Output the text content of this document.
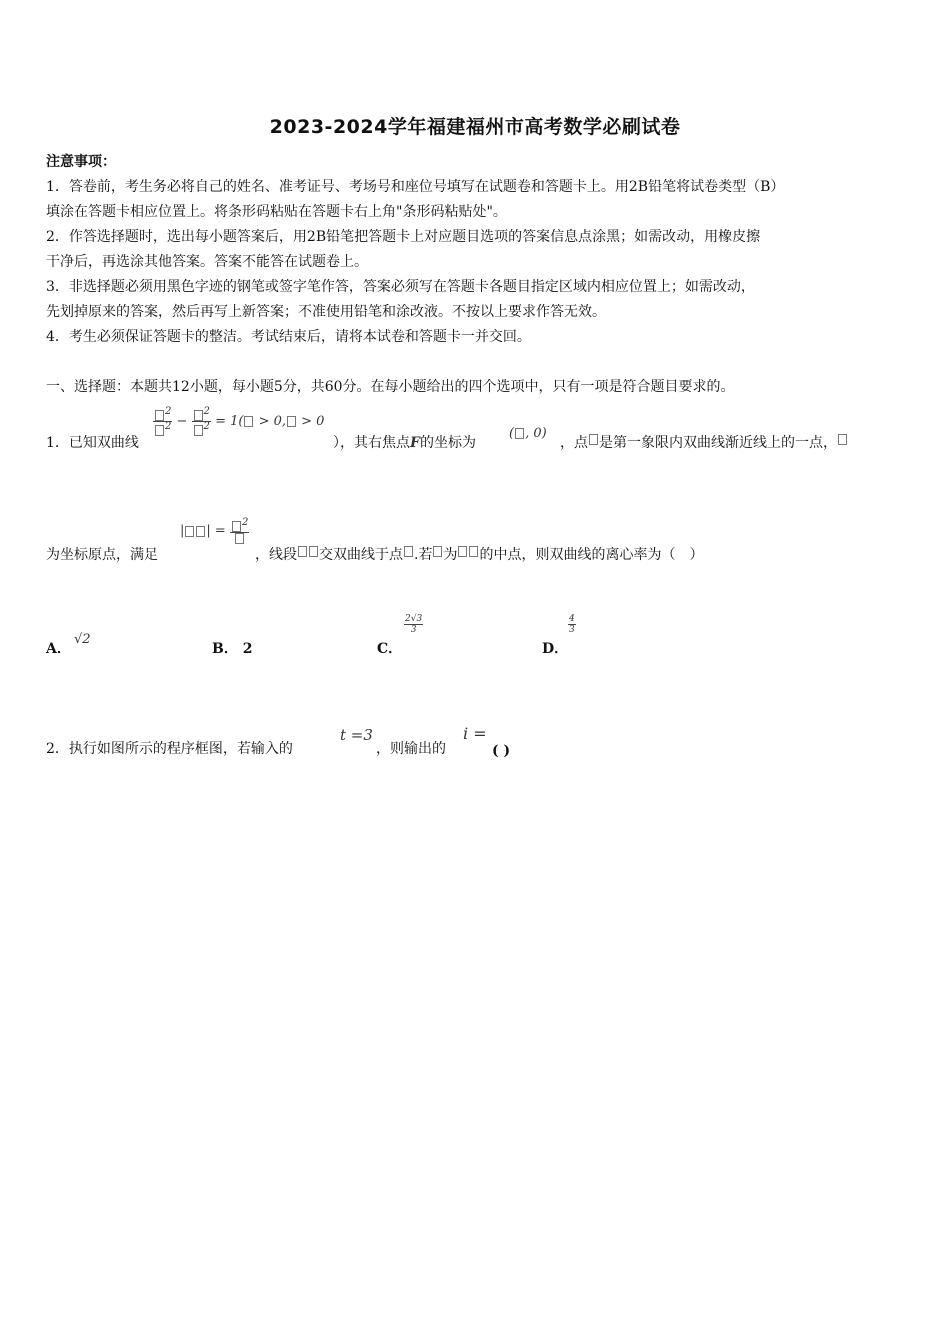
2023-2024学年福建福州市高考数学必刷试卷
注意事项：
1．答卷前，考生务必将自己的姓名、准考证号、考场号和座位号填写在试题卷和答题卡上。用2B铅笔将试卷类型（B）
填涂在答题卡相应位置上。将条形码粘贴在答题卡右上角"条形码粘贴处"。
2．作答选择题时，选出每小题答案后，用2B铅笔把答题卡上对应题目选项的答案信息点涂黑；如需改动，用橡皮擦
干净后，再选涂其他答案。答案不能答在试题卷上。
3．非选择题必须用黑色字迹的钢笔或签字笔作答，答案必须写在答题卡各题目指定区域内相应位置上；如需改动，
先划掉原来的答案，然后再写上新答案；不准使用铅笔和涂改液。不按以上要求作答无效。
4．考生必须保证答题卡的整洁。考试结束后，请将本试卷和答题卡一并交回。
一、选择题：本题共12小题，每小题5分，共60分。在每小题给出的四个选项中，只有一项是符合题目要求的。
1．已知双曲线
$\frac{^2}{^2} - \frac{^2}{^2} = 1( > 0$, > 0
），其右焦点F的坐标为
( , 0)
，点 是第一象限内双曲线渐近线上的一点，
为坐标原点，满足
| | =
$^2$
，线段 交双曲线于点 .若 为 的中点，则双曲线的离心率为（　）
A．
√2
B． 2	C．
$\frac{2√3}{3}$
D．
$\frac{4}{3}$
2．执行如图所示的程序框图，若输入的
t =3
，则输出的
i =
( )
